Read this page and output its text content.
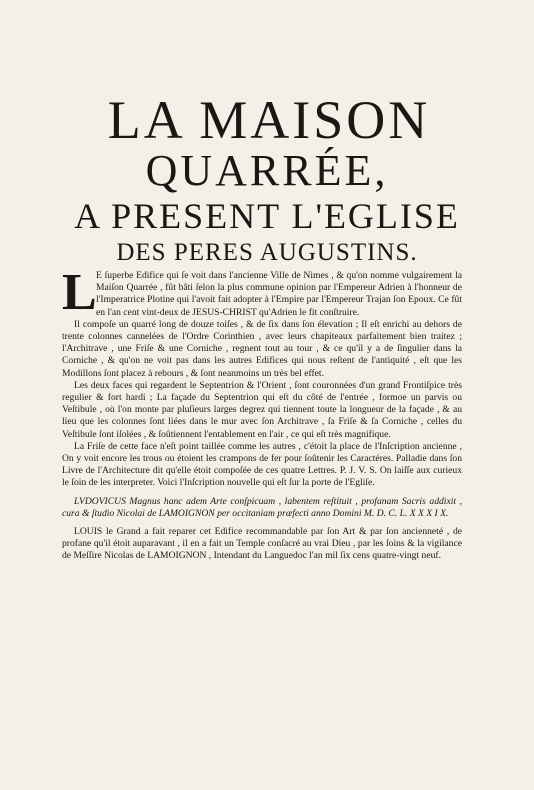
LA MAISON
QUARRÉE,
A PRESENT L'EGLISE
DES PERES AUGUSTINS.

L E ſuperbe Edifice qui ſe voit dans l'ancienne Ville de Nimes , & qu'on nomme vulgairement la Maiſon Quarrée , fût bâti ſelon la plus commune opinion par l'Empereur Adrien à l'honneur de l'Imperatrice Plotine qui l'avoit fait adopter à l'Empire par l'Empereur Trajan ſon Epoux. Ce fût en l'an cent vint-deux de JESUS-CHRIST qu'Adrien le fit conſtruire.

Il compoſe un quarré long de douze toiſes , & de ſix dans ſon élevation ; Il eſt enrichi au dehors de trente colonnes cannelées de l'Ordre Corinthien , avec leurs chapiteaux parfaitement bien traitez ; l'Architrave , une Friſe & une Corniche , regnent tout au tour , & ce qu'il y a de ſingulier dans la Corniche , & qu'on ne voit pas dans les autres Edifices qui nous reſtent de l'antiquité , eſt que les Modillons ſont placez à rebours , & ſont neanmoins un très bel effet.

Les deux faces qui regardent le Septentrion & l'Orient , ſont couronnées d'un grand Frontiſpice très regulier & fort hardi ; La façade du Septentrion qui eſt du côté de l'entrée , formoe un parvis ou Veſtibule , où l'on monte par pluſieurs larges degrez qui tiennent toute la longueur de la façade , & au lieu que les colonnes ſont liées dans le mur avec ſon Architrave , ſa Friſe & ſa Corniche , celles du Veſtibule ſont iſolées , & ſoûtiennent l'entablement en l'air , ce qui eſt très magnifique.

La Friſe de cette face n'eſt point taillée comme les autres , c'étoit la place de l'Inſcription ancienne , On y voit encore les trous ou étoient les crampons de fer pour ſoûtenir les Caractéres. Palladie dans ſon Livre de l'Architecture dit qu'elle étoit compoſée de ces quatre Lettres. P. J. V. S. On laiſſe aux curieux le ſoin de les interpreter. Voici l'Inſcription nouvelle qui eſt ſur la porte de l'Egliſe.

LVDOVICUS Magnus hanc adem Arte conſpicuam , labentem reſtituit , profanam Sacris addixit , cura & ſtudio Nicolai de LAMOIGNON per occitaniam præfecti anno Domini M. D. C. L. X X X I X.

LOUIS le Grand a fait reparer cet Edifice recommandable par ſon Art & par ſon ancienneté , de profane qu'il étoit auparavant , il en a fait un Temple conſacré au vrai Dieu , par les ſoins & la vigilance de Meſſire Nicolas de LAMOIGNON , Intendant du Languedoc l'an mil ſix cens quatre-vingt neuf.
